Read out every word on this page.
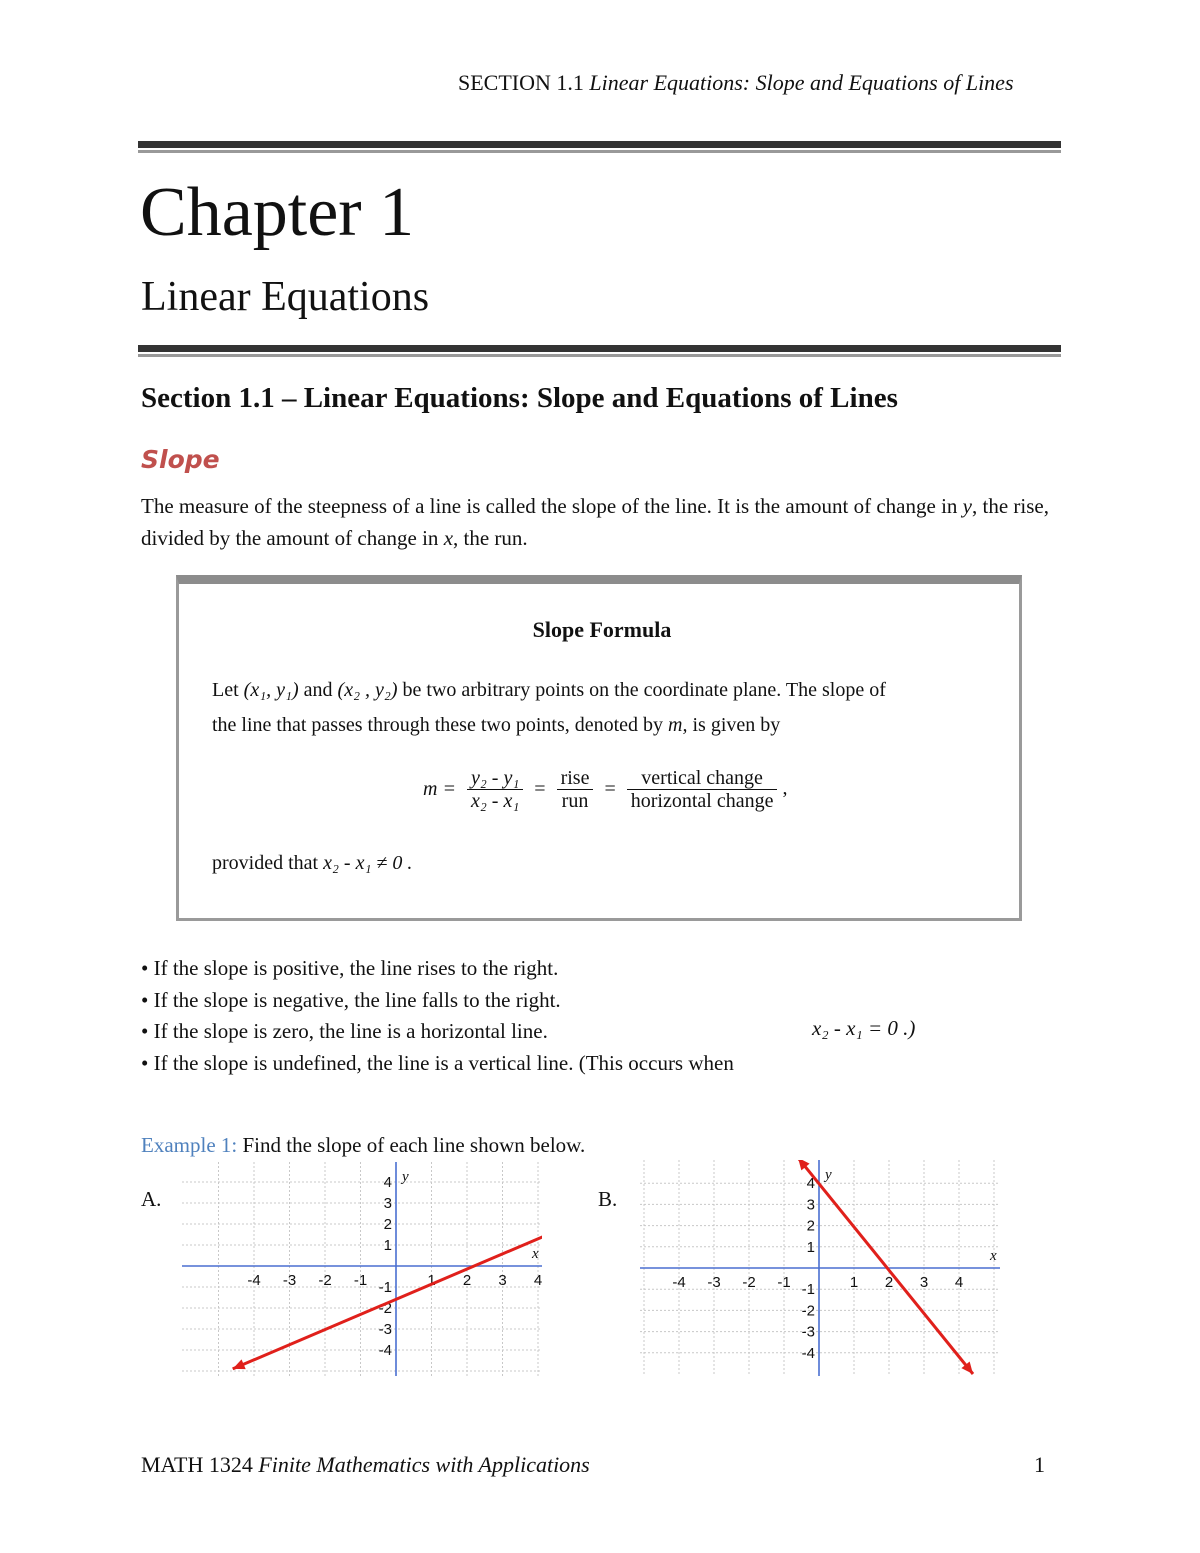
SECTION 1.1 Linear Equations: Slope and Equations of Lines
Chapter 1
Linear Equations
Section 1.1 – Linear Equations: Slope and Equations of Lines
Slope
The measure of the steepness of a line is called the slope of the line. It is the amount of change in y, the rise, divided by the amount of change in x, the run.
Slope Formula
Let (x₁, y₁) and (x₂ , y₂) be two arbitrary points on the coordinate plane. The slope of
the line that passes through these two points, denoted by m, is given by
$m = \frac{\text{y₂ - y₁}}{\text{x₂ - x₁}} = \frac{\text{rise}}{\text{run}} = \frac{\text{vertical change}}{\text{horizontal change}}$ ,
provided that x₂ - x₁ ≠ 0 .
• If the slope is positive, the line rises to the right.
• If the slope is negative, the line falls to the right.
• If the slope is zero, the line is a horizontal line.
• If the slope is undefined, the line is a vertical line. (This occurs when
x₂ - x₁ = 0 .)
Example 1: Find the slope of each line shown below.
A.	B.
-4 -3 -2 -1	1 2 3 4
4
3
2
1
-1
-2
-3
-4
x
y
-4 -3 -2 -1	1 2 3 4
4
3
2
1
-1
-2
-3
-4
x
y
MATH 1324 Finite Mathematics with Applications	1
